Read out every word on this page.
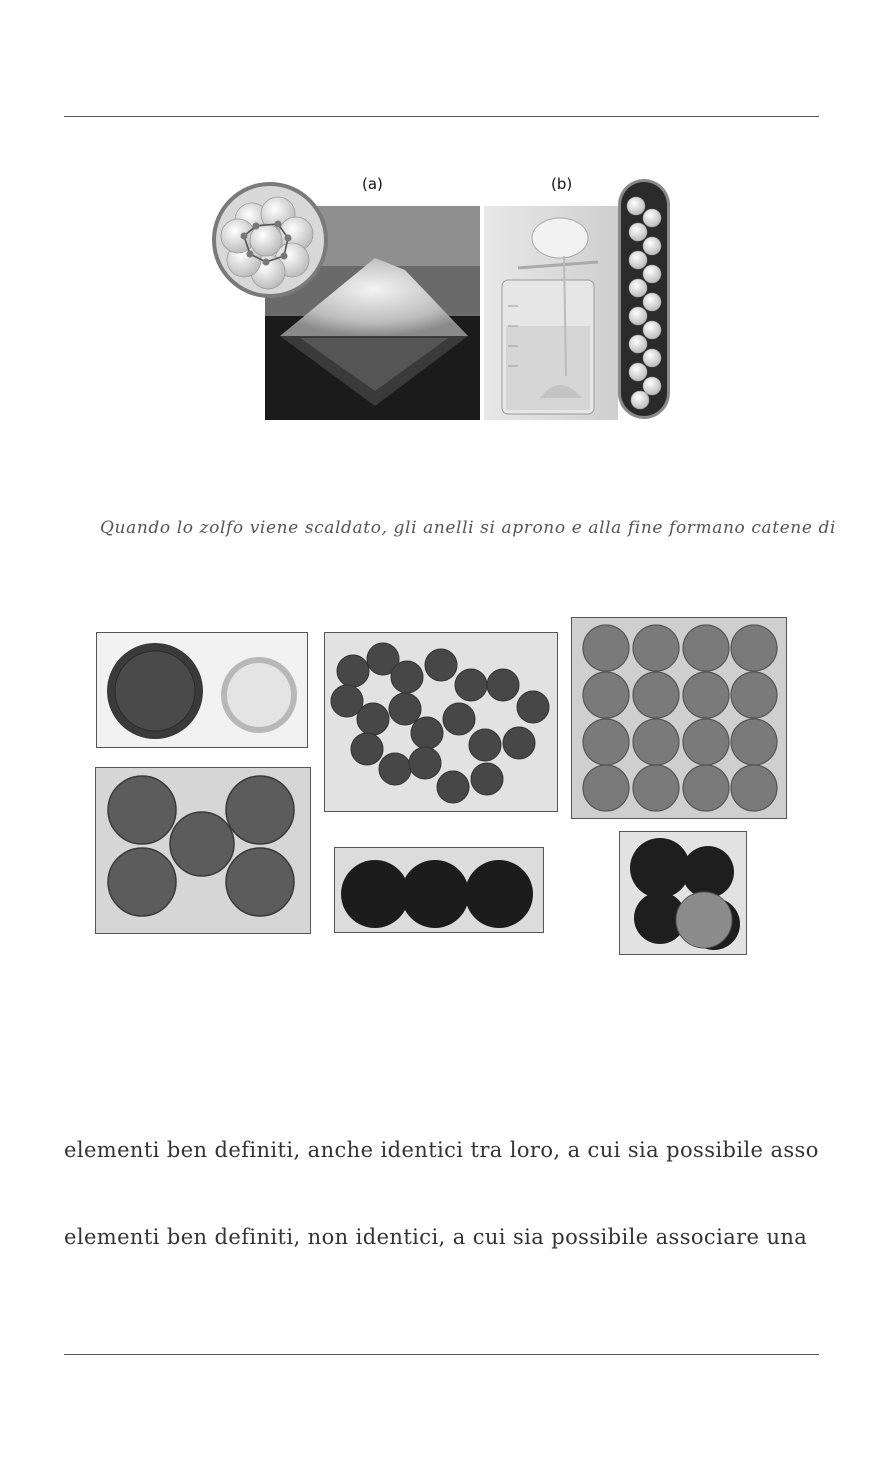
(a)	(b)
Quando lo zolfo viene scaldato, gli anelli si aprono e alla fine formano catene di
elementi ben definiti, anche identici tra loro, a cui sia possibile asso
elementi ben definiti, non identici, a cui sia possibile associare una
